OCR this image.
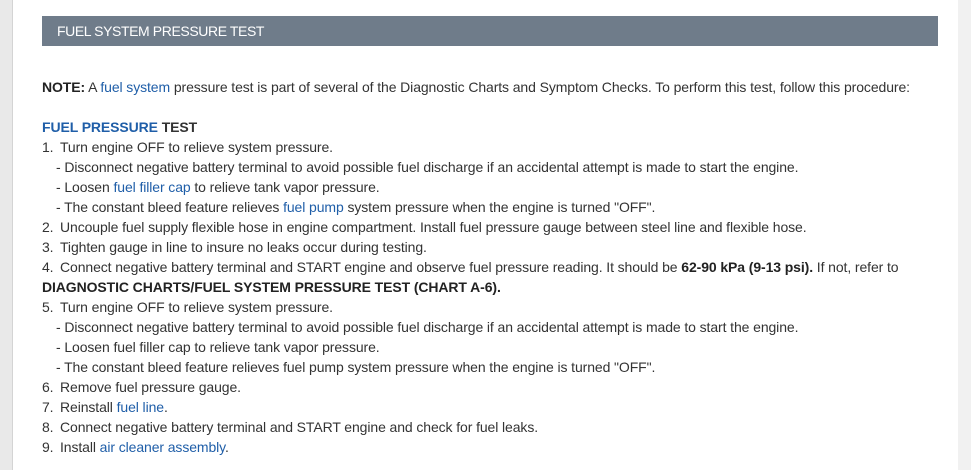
FUEL SYSTEM PRESSURE TEST

NOTE: A fuel system pressure test is part of several of the Diagnostic Charts and Symptom Checks. To perform this test, follow this procedure:

FUEL PRESSURE TEST

1. Turn engine OFF to relieve system pressure.

- Disconnect negative battery terminal to avoid possible fuel discharge if an accidental attempt is made to start the engine.

- Loosen fuel filler cap to relieve tank vapor pressure.

- The constant bleed feature relieves fuel pump system pressure when the engine is turned "OFF".

2. Uncouple fuel supply flexible hose in engine compartment. Install fuel pressure gauge between steel line and flexible hose.

3. Tighten gauge in line to insure no leaks occur during testing.

4. Connect negative battery terminal and START engine and observe fuel pressure reading. It should be 62-90 kPa (9-13 psi). If not, refer to

DIAGNOSTIC CHARTS/FUEL SYSTEM PRESSURE TEST (CHART A-6).

5. Turn engine OFF to relieve system pressure.

- Disconnect negative battery terminal to avoid possible fuel discharge if an accidental attempt is made to start the engine.

- Loosen fuel filler cap to relieve tank vapor pressure.

- The constant bleed feature relieves fuel pump system pressure when the engine is turned "OFF".

6. Remove fuel pressure gauge.

7. Reinstall fuel line.

8. Connect negative battery terminal and START engine and check for fuel leaks.

9. Install air cleaner assembly.
